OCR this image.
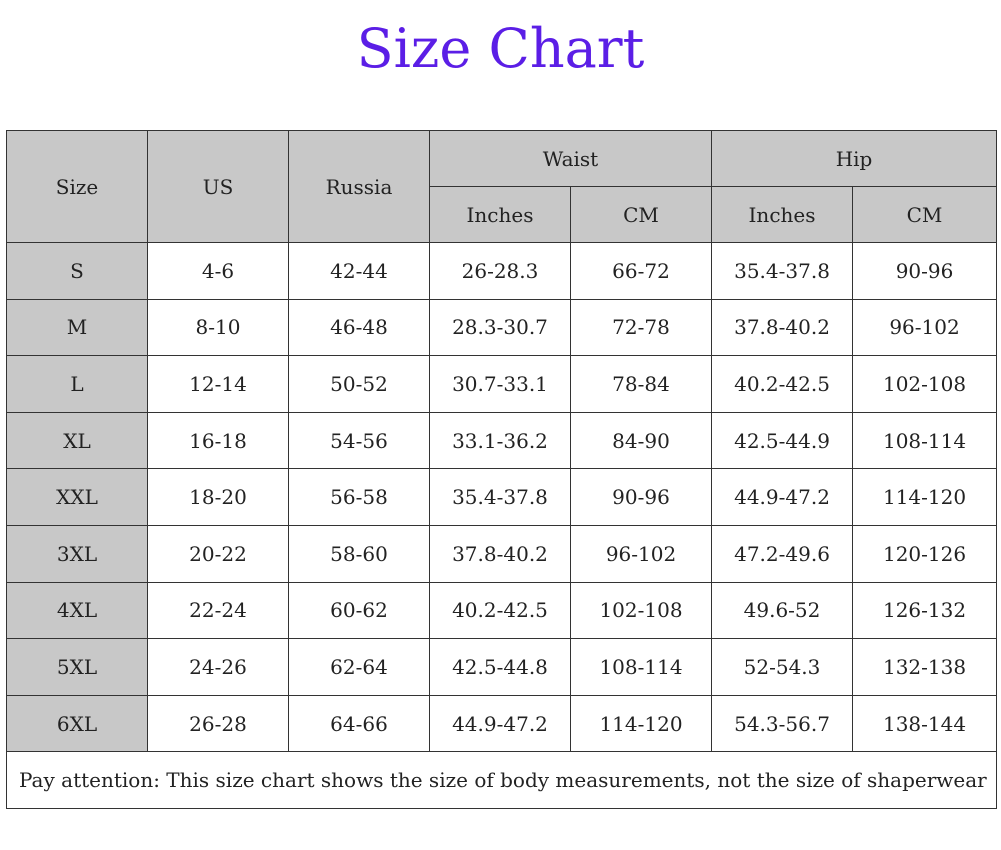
Size Chart
Size	US	Russia	Waist		Hip	
			Inches	CM	Inches	CM
S	4-6	42-44	26-28.3	66-72	35.4-37.8	90-96
M	8-10	46-48	28.3-30.7	72-78	37.8-40.2	96-102
L	12-14	50-52	30.7-33.1	78-84	40.2-42.5	102-108
XL	16-18	54-56	33.1-36.2	84-90	42.5-44.9	108-114
XXL	18-20	56-58	35.4-37.8	90-96	44.9-47.2	114-120
3XL	20-22	58-60	37.8-40.2	96-102	47.2-49.6	120-126
4XL	22-24	60-62	40.2-42.5	102-108	49.6-52	126-132
5XL	24-26	62-64	42.5-44.8	108-114	52-54.3	132-138
6XL	26-28	64-66	44.9-47.2	114-120	54.3-56.7	138-144
Pay attention: This size chart shows the size of body measurements, not the size of shaperwear						
